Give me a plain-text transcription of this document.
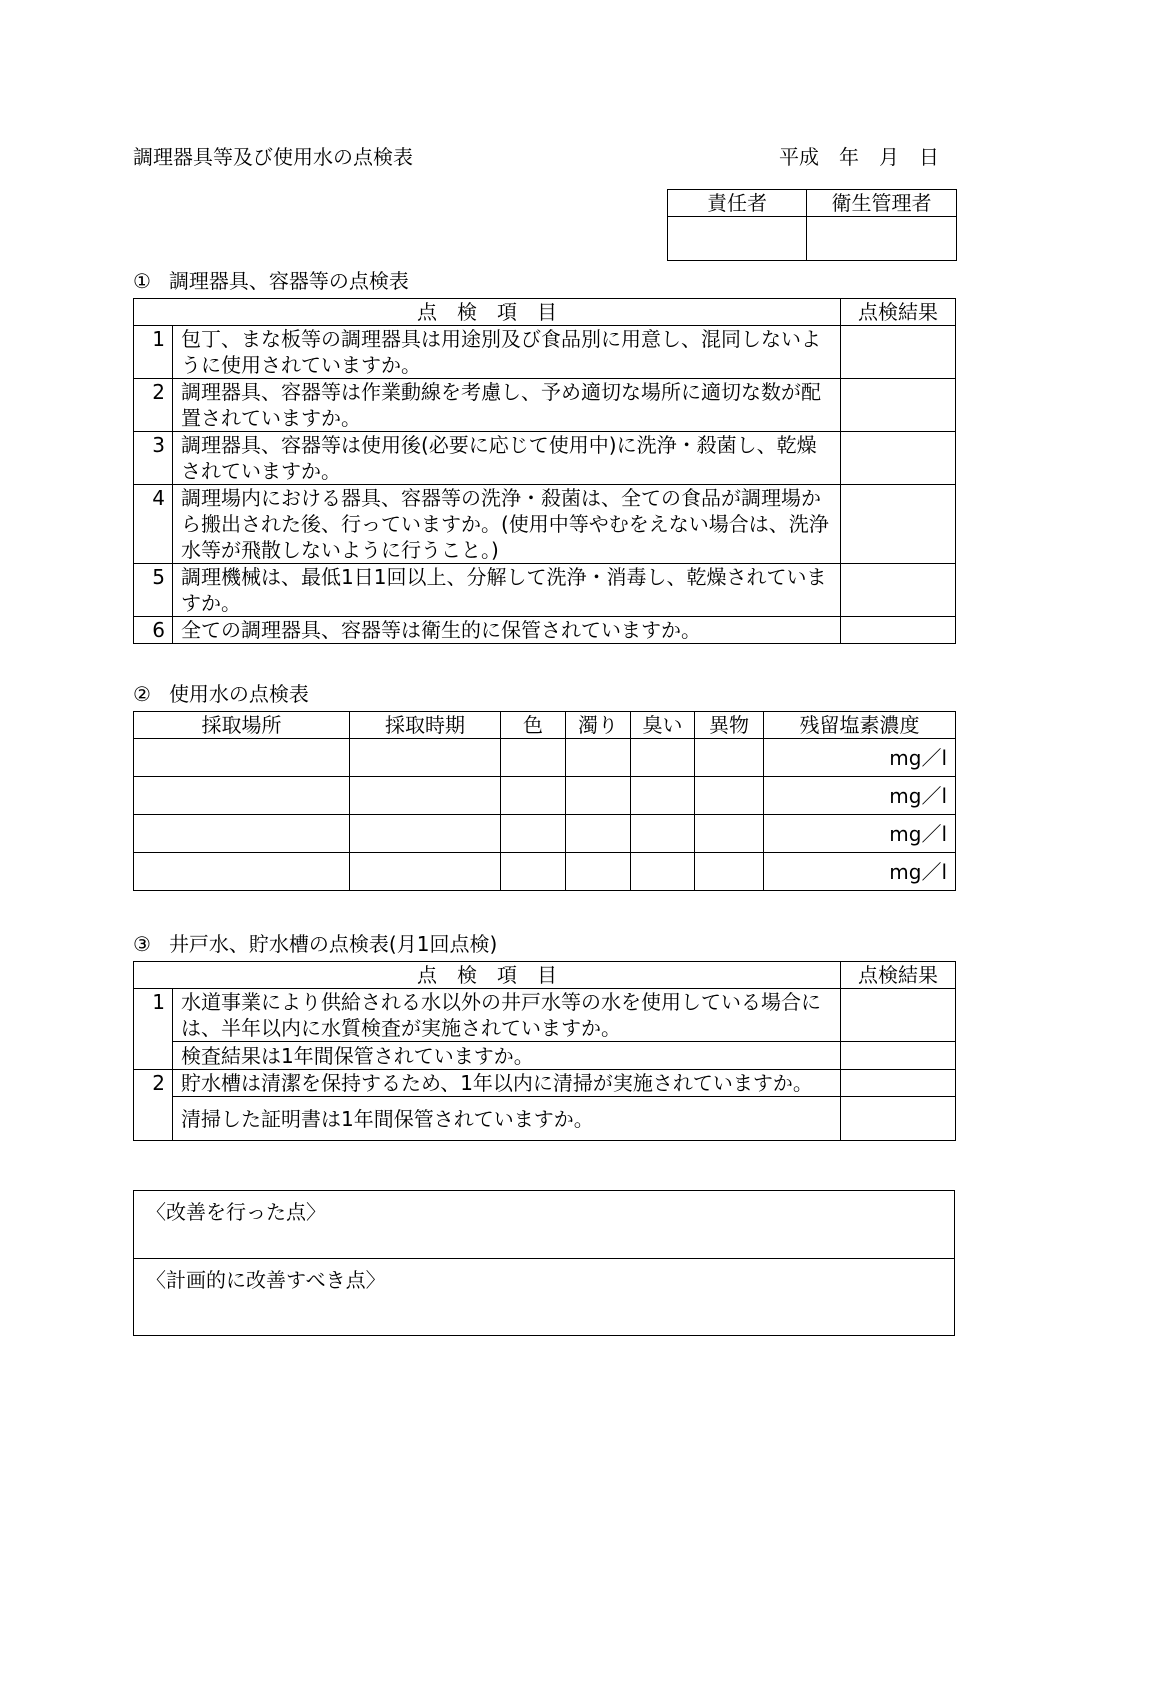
調理器具等及び使用水の点検表	平成　年　月　日
責任者	衛生管理者

① 調理器具、容器等の点検表
点　検　項　目		点検結果
1	包丁、まな板等の調理器具は用途別及び食品別に用意し、混同しないように使用されていますか。	
2	調理器具、容器等は作業動線を考慮し、予め適切な場所に適切な数が配置されていますか。	
3	調理器具、容器等は使用後(必要に応じて使用中)に洗浄・殺菌し、乾燥されていますか。	
4	調理場内における器具、容器等の洗浄・殺菌は、全ての食品が調理場から搬出された後、行っていますか。(使用中等やむをえない場合は、洗浄水等が飛散しないように行うこと。)	
5	調理機械は、最低1日1回以上、分解して洗浄・消毒し、乾燥されていますか。	
6	全ての調理器具、容器等は衛生的に保管されていますか。	
② 使用水の点検表
採取場所	採取時期	色	濁り	臭い	異物	残留塩素濃度
						mg／l
						mg／l
						mg／l
						mg／l
③ 井戸水、貯水槽の点検表(月1回点検)
点　検　項　目		点検結果
1	水道事業により供給される水以外の井戸水等の水を使用している場合には、半年以内に水質検査が実施されていますか。	
	検査結果は1年間保管されていますか。	
2	貯水槽は清潔を保持するため、1年以内に清掃が実施されていますか。	
	清掃した証明書は1年間保管されていますか。	
〈改善を行った点〉
〈計画的に改善すべき点〉
